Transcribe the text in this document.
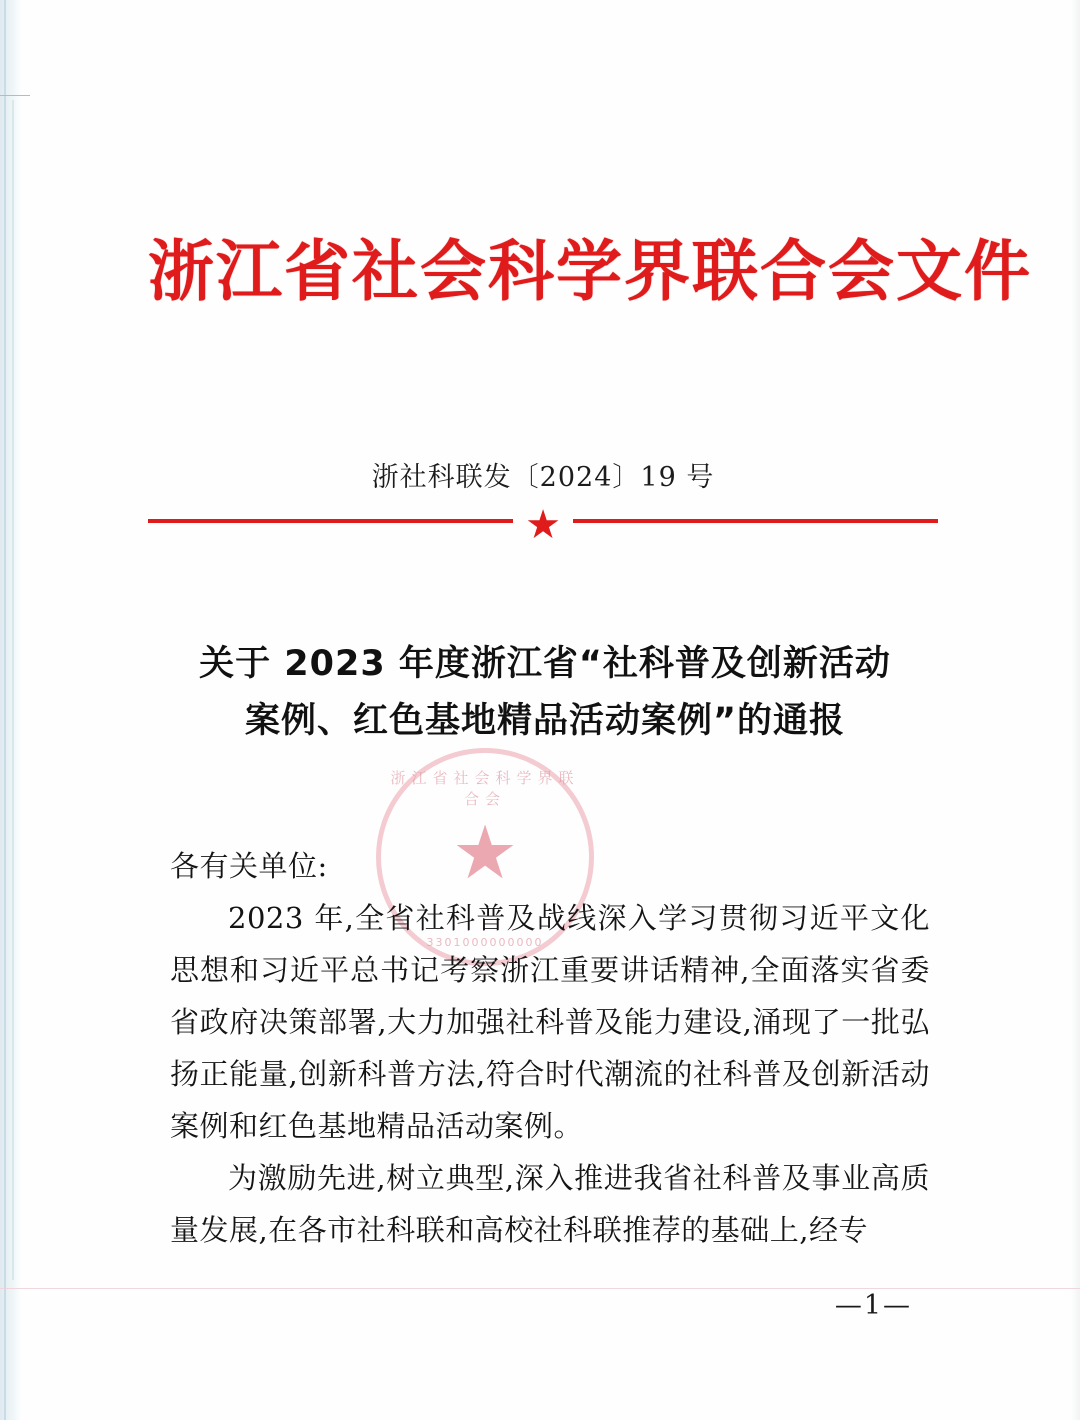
浙江省社会科学界联合会文件
浙社科联发〔2024〕19 号
★
关于 2023 年度浙江省“社科普及创新活动
案例、红色基地精品活动案例”的通报
浙江省社会科学界联合会
★
3301000000000

各有关单位:

2023 年,全省社科普及战线深入学习贯彻习近平文化思想和习近平总书记考察浙江重要讲话精神,全面落实省委省政府决策部署,大力加强社科普及能力建设,涌现了一批弘扬正能量,创新科普方法,符合时代潮流的社科普及创新活动案例和红色基地精品活动案例。

为激励先进,树立典型,深入推进我省社科普及事业高质量发展,在各市社科联和高校社科联推荐的基础上,经专

—1—
